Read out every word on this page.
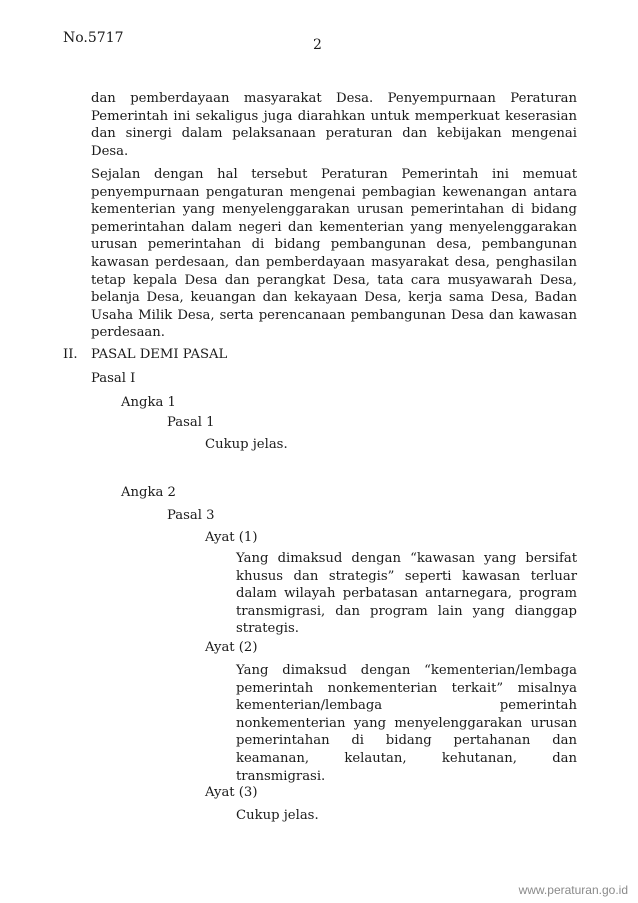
No.5717	2

dan pemberdayaan masyarakat Desa. Penyempurnaan Peraturan Pemerintah ini sekaligus juga diarahkan untuk memperkuat keserasian dan sinergi dalam pelaksanaan peraturan dan kebijakan mengenai Desa.

Sejalan dengan hal tersebut Peraturan Pemerintah ini memuat penyempurnaan pengaturan mengenai pembagian kewenangan antara kementerian yang menyelenggarakan urusan pemerintahan di bidang pemerintahan dalam negeri dan kementerian yang menyelenggarakan urusan pemerintahan di bidang pembangunan desa, pembangunan kawasan perdesaan, dan pemberdayaan masyarakat desa, penghasilan tetap kepala Desa dan perangkat Desa, tata cara musyawarah Desa, belanja Desa, keuangan dan kekayaan Desa, kerja sama Desa, Badan Usaha Milik Desa, serta perencanaan pembangunan Desa dan kawasan perdesaan.

II. PASAL DEMI PASAL
Pasal I
Angka 1
Pasal 1
Cukup jelas.
Angka 2
Pasal 3
Ayat (1)

Yang dimaksud dengan “kawasan yang bersifat khusus dan strategis” seperti kawasan terluar dalam wilayah perbatasan antarnegara, program transmigrasi, dan program lain yang dianggap strategis.

Ayat (2)

Yang dimaksud dengan “kementerian/lembaga pemerintah nonkementerian terkait” misalnya kementerian/lembaga pemerintah nonkementerian yang menyelenggarakan urusan pemerintahan di bidang pertahanan dan keamanan, kelautan, kehutanan, dan transmigrasi.

Ayat (3)
Cukup jelas.
www.peraturan.go.id
